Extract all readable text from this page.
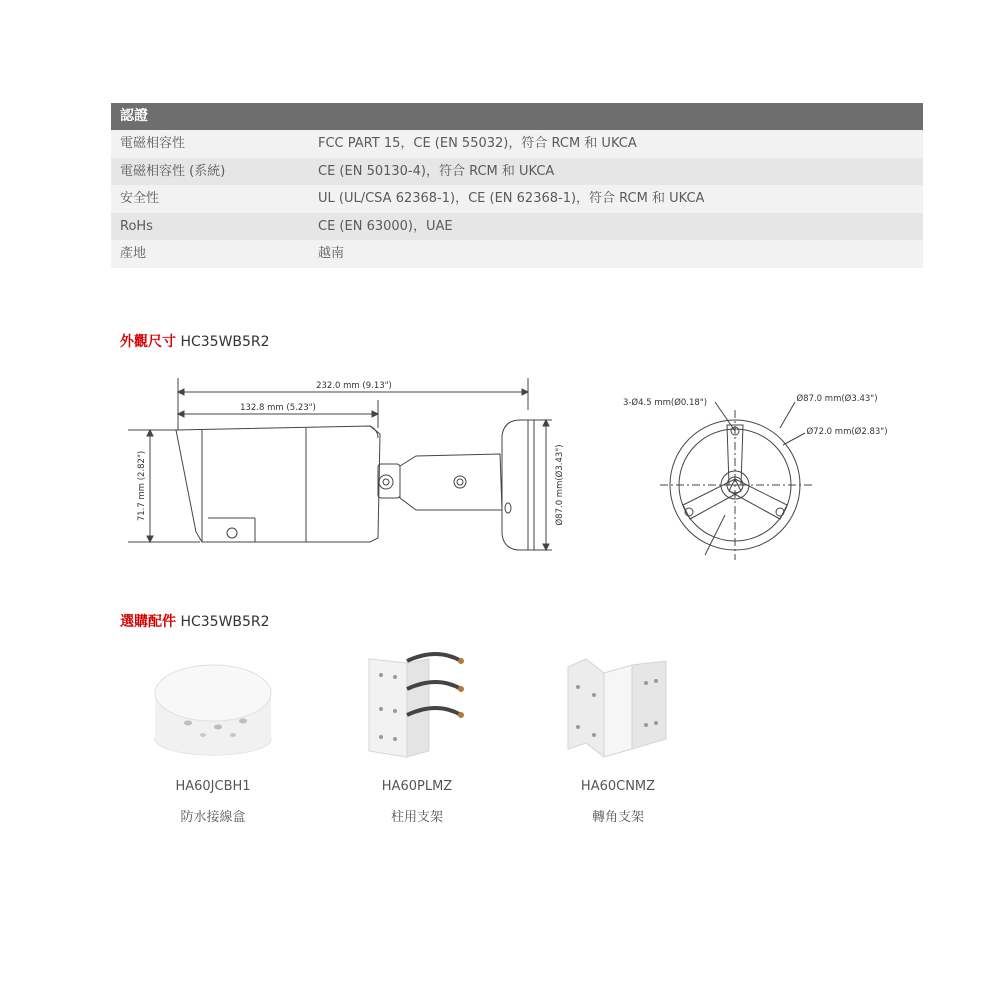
認證
電磁相容性	FCC PART 15，CE (EN 55032)，符合 RCM 和 UKCA
電磁相容性 (系統)	CE (EN 50130-4)，符合 RCM 和 UKCA
安全性	UL (UL/CSA 62368-1)，CE (EN 62368-1)，符合 RCM 和 UKCA
RoHs	CE (EN 63000)，UAE
產地	越南
外觀尺寸 HC35WB5R2
232.0 mm (9.13")
132.8 mm (5.23")
71.7 mm (2.82")	Ø87.0 mm(Ø3.43")
3-Ø4.5 mm(Ø0.18")	Ø87.0 mm(Ø3.43")
Ø72.0 mm(Ø2.83")
選購配件 HC35WB5R2
HA60JCBH1
防水接線盒
HA60PLMZ
柱用支架
HA60CNMZ
轉角支架
